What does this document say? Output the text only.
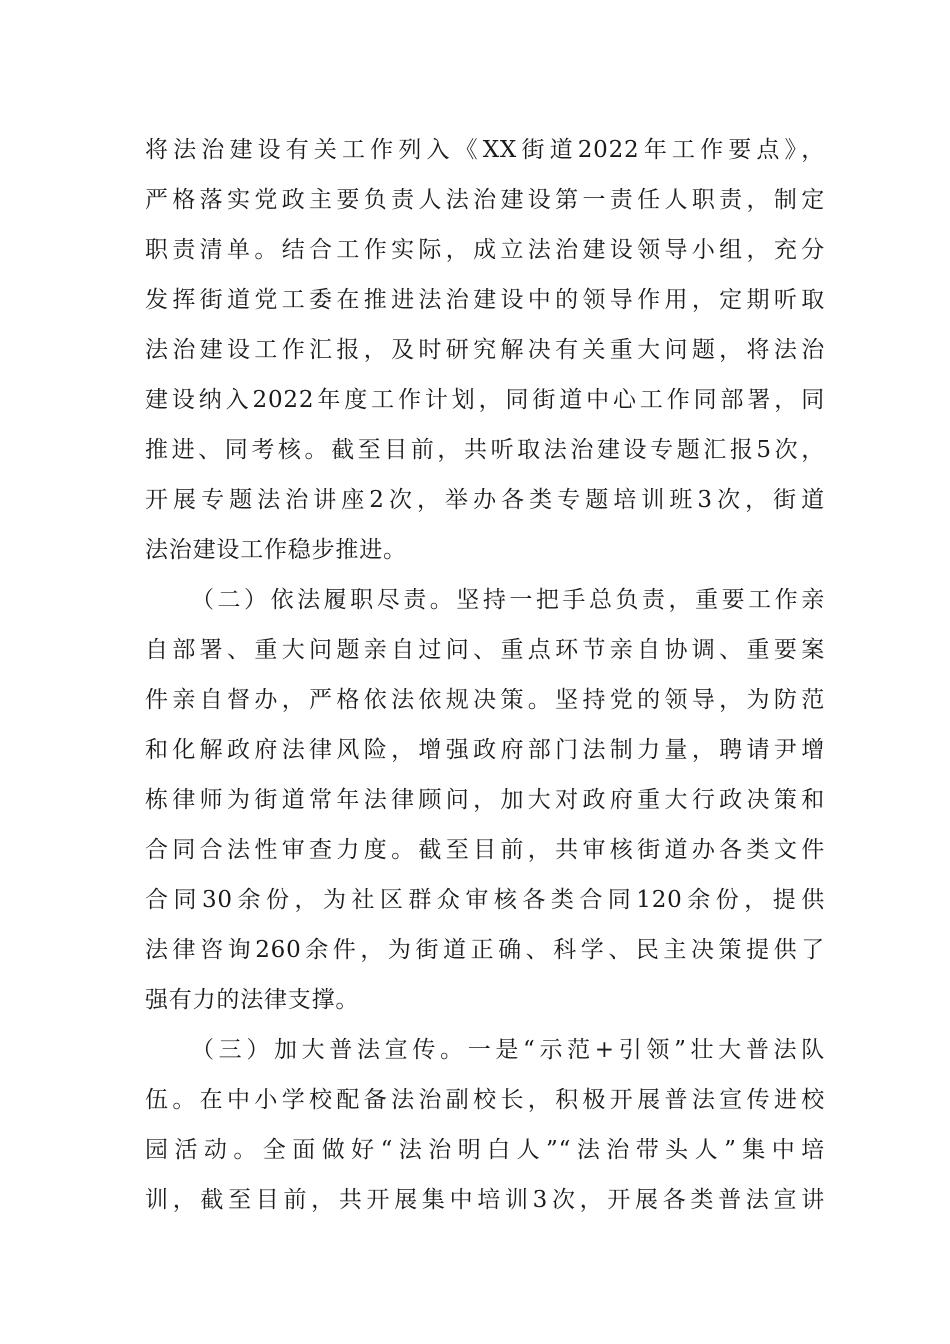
将法治建设有关工作列入《XX街道2022年工作要点》，
严格落实党政主要负责人法治建设第一责任人职责，制定
职责清单。结合工作实际，成立法治建设领导小组，充分
发挥街道党工委在推进法治建设中的领导作用，定期听取
法治建设工作汇报，及时研究解决有关重大问题，将法治
建设纳入2022年度工作计划，同街道中心工作同部署，同
推进、同考核。截至目前，共听取法治建设专题汇报5次，
开展专题法治讲座2次，举办各类专题培训班3次，街道
法治建设工作稳步推进。
（二）依法履职尽责。坚持一把手总负责，重要工作亲
自部署、重大问题亲自过问、重点环节亲自协调、重要案
件亲自督办，严格依法依规决策。坚持党的领导，为防范
和化解政府法律风险，增强政府部门法制力量，聘请尹增
栋律师为街道常年法律顾问，加大对政府重大行政决策和
合同合法性审查力度。截至目前，共审核街道办各类文件
合同30余份，为社区群众审核各类合同120余份，提供
法律咨询260余件，为街道正确、科学、民主决策提供了
强有力的法律支撑。
（三）加大普法宣传。一是“示范+引领”壮大普法队
伍。在中小学校配备法治副校长，积极开展普法宣传进校
园活动。全面做好“法治明白人”“法治带头人”集中培
训，截至目前，共开展集中培训3次，开展各类普法宣讲
